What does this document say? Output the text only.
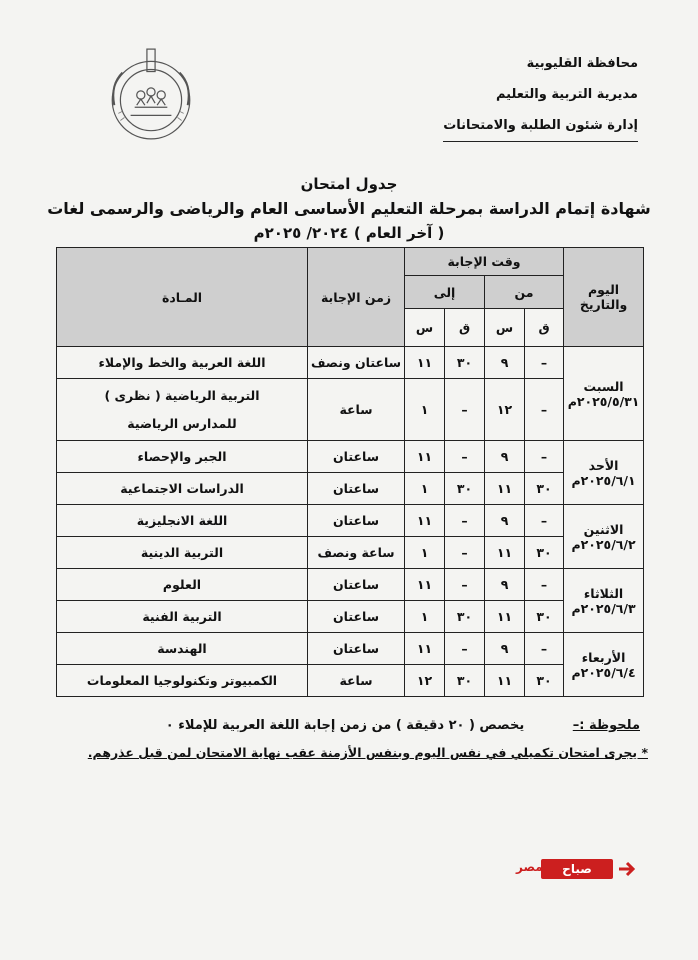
محافظة القليوبية
مديرية التربية والتعليم
إدارة شئون الطلبة والامتحانات
جدول امتحان
شهادة إتمام الدراسة بمرحلة التعليم الأساسى العام والرياضى والرسمى لغات
( آخر العام ) ٢٠٢٤/ ٢٠٢٥م
اليوم والتاريخ	وقت الإجابة				زمن الإجابة	المـادة
	من		إلى			
	ق	س	ق	س		

السبت
٢٠٢٥/٥/٣١م	–	٩	٣٠	١١	ساعتان ونصف	اللغة العربية والخط والإملاء
	–	١٢	–	١	ساعة	التربية الرياضية ( نظرى )
للمدارس الرياضية

الأحد
٢٠٢٥/٦/١م	–	٩	–	١١	ساعتان	الجبر والإحصاء
	٣٠	١١	٣٠	١	ساعتان	الدراسات الاجتماعية

الاثنين
٢٠٢٥/٦/٢م	–	٩	–	١١	ساعتان	اللغة الانجليزية
	٣٠	١١	–	١	ساعة ونصف	التربية الدينية

الثلاثاء
٢٠٢٥/٦/٣م	–	٩	–	١١	ساعتان	العلوم
	٣٠	١١	٣٠	١	ساعتان	التربية الفنية

الأربعاء
٢٠٢٥/٦/٤م	–	٩	–	١١	ساعتان	الهندسة
	٣٠	١١	٣٠	١٢	ساعة	الكمبيوتر وتكنولوجيا المعلومات
ملحوظة :– يخصص ( ٢٠ دقيقة ) من زمن إجابة اللغة العربية للإملاء ٠
* يجرى امتحان تكميلي في نفس اليوم وبنفس الأزمنة عقب نهاية الامتحان لمن قبل عذرهم.
صباح
مصر
